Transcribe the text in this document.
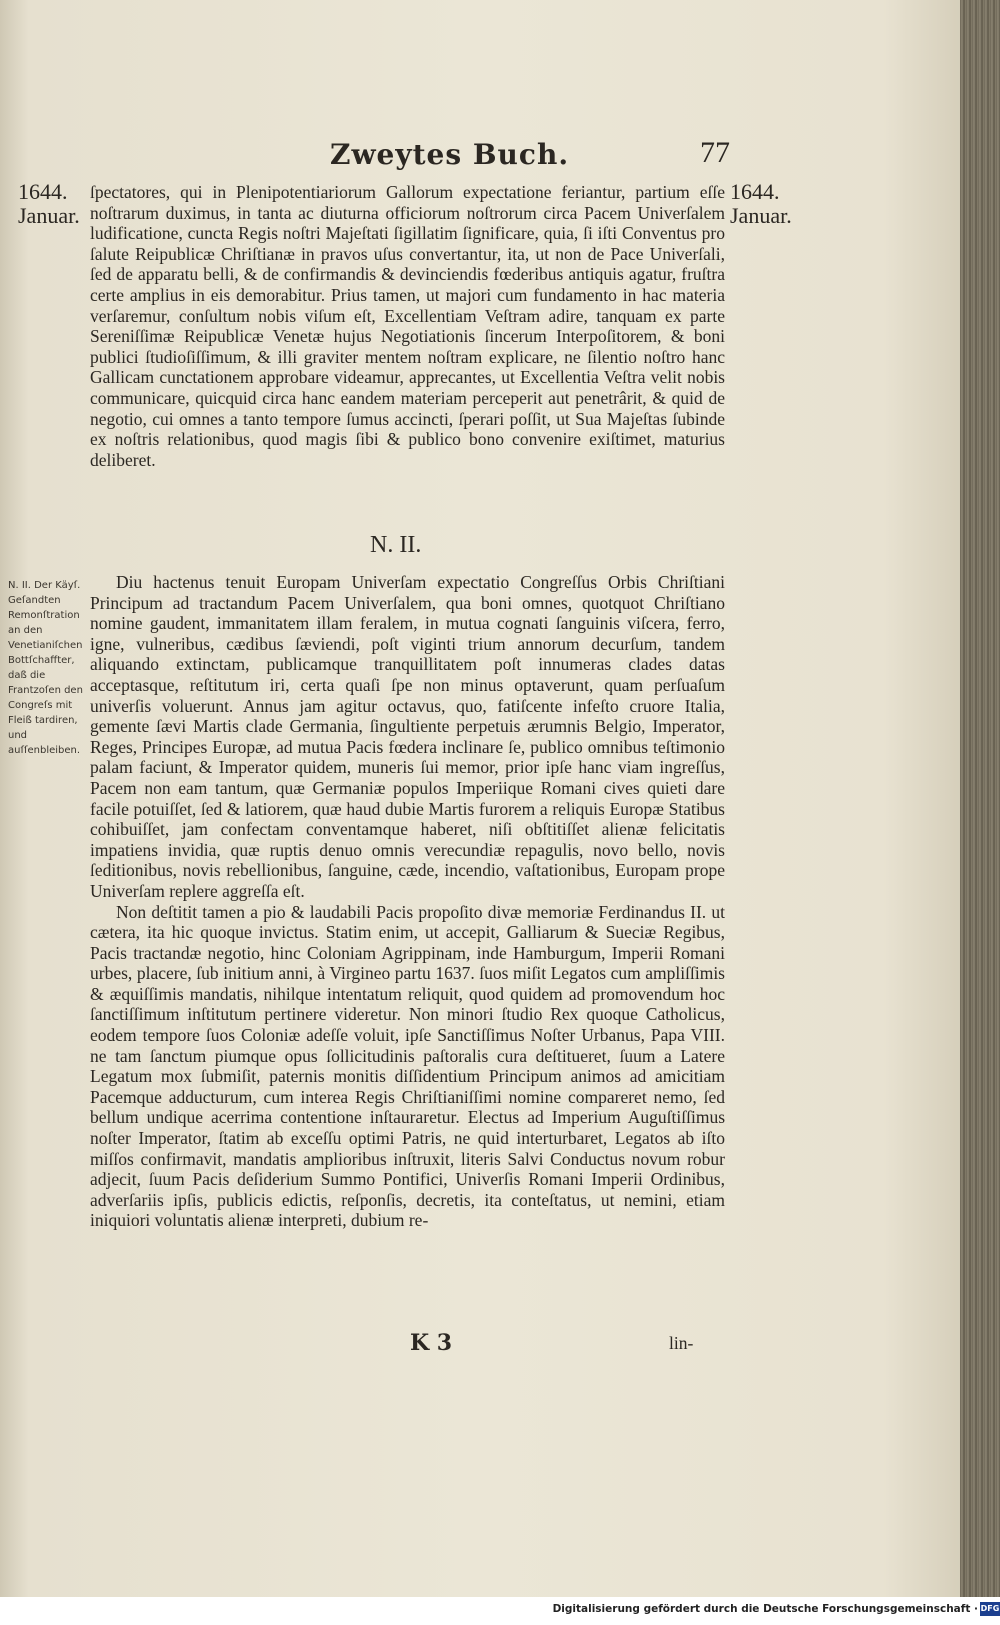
Zweytes Buch.	77
1644.
Januar.
1644.
Januar.
ſpectatores, qui in Plenipotentiariorum Gallorum expectatione feriantur, partium eſſe noſtrarum duximus, in tanta ac diuturna officiorum noſtrorum circa Pacem Univerſalem ludificatione, cuncta Regis noſtri Majeſtati ſigillatim ſignificare, quia, ſi iſti Conventus pro ſalute Reipublicæ Chriſtianæ in pravos uſus convertantur, ita, ut non de Pace Univerſali, ſed de apparatu belli, & de confirmandis & devinciendis fœderibus antiquis agatur, fruſtra certe amplius in eis demorabitur. Prius tamen, ut majori cum fundamento in hac materia verſaremur, conſultum nobis viſum eſt, Excellentiam Veſtram adire, tanquam ex parte Sereniſſimæ Reipublicæ Venetæ hujus Negotiationis ſincerum Interpoſitorem, & boni publici ſtudioſiſſimum, & illi graviter mentem noſtram explicare, ne ſilentio noſtro hanc Gallicam cunctationem approbare videamur, apprecantes, ut Excellentia Veſtra velit nobis communicare, quicquid circa hanc eandem materiam perceperit aut penetrârit, & quid de negotio, cui omnes a tanto tempore ſumus accincti, ſperari poſſit, ut Sua Majeſtas ſubinde ex noſtris relationibus, quod magis ſibi & publico bono convenire exiſtimet, maturius deliberet.
N. II.
N. II. Der Käyſ. Geſandten Remonſtration an den Venetianiſchen Bottſchaffter, daß die Frantzoſen den Congreſs mit Fleiß tardiren, und auſſenbleiben.

Diu hactenus tenuit Europam Univerſam expectatio Congreſſus Orbis Chriſtiani Principum ad tractandum Pacem Univerſalem, qua boni omnes, quotquot Chriſtiano nomine gaudent, immanitatem illam feralem, in mutua cognati ſanguinis viſcera, ferro, igne, vulneribus, cædibus ſæviendi, poſt viginti trium annorum decurſum, tandem aliquando extinctam, publicamque tranquillitatem poſt innumeras clades datas acceptasque, reſtitutum iri, certa quaſi ſpe non minus optaverunt, quam perſuaſum univerſis voluerunt. Annus jam agitur octavus, quo, fatiſcente infeſto cruore Italia, gemente ſævi Martis clade Germania, ſingultiente perpetuis ærumnis Belgio, Imperator, Reges, Principes Europæ, ad mutua Pacis fœdera inclinare ſe, publico omnibus teſtimonio palam faciunt, & Imperator quidem, muneris ſui memor, prior ipſe hanc viam ingreſſus, Pacem non eam tantum, quæ Germaniæ populos Imperiique Romani cives quieti dare facile potuiſſet, ſed & latiorem, quæ haud dubie Martis furorem a reliquis Europæ Statibus cohibuiſſet, jam confectam conventamque haberet, niſi obſtitiſſet alienæ felicitatis impatiens invidia, quæ ruptis denuo omnis verecundiæ repagulis, novo bello, novis ſeditionibus, novis rebellionibus, ſanguine, cæde, incendio, vaſtationibus, Europam prope Univerſam replere aggreſſa eſt.

Non deſtitit tamen a pio & laudabili Pacis propoſito divæ memoriæ Ferdinandus II. ut cætera, ita hic quoque invictus. Statim enim, ut accepit, Galliarum & Sueciæ Regibus, Pacis tractandæ negotio, hinc Coloniam Agrippinam, inde Hamburgum, Imperii Romani urbes, placere, ſub initium anni, à Virgineo partu 1637. ſuos miſit Legatos cum ampliſſimis & æquiſſimis mandatis, nihilque intentatum reliquit, quod quidem ad promovendum hoc ſanctiſſimum inſtitutum pertinere videretur. Non minori ſtudio Rex quoque Catholicus, eodem tempore ſuos Coloniæ adeſſe voluit, ipſe Sanctiſſimus Noſter Urbanus, Papa VIII. ne tam ſanctum piumque opus ſollicitudinis paſtoralis cura deſtitueret, ſuum a Latere Legatum mox ſubmiſit, paternis monitis diſſidentium Principum animos ad amicitiam Pacemque adducturum, cum interea Regis Chriſtianiſſimi nomine compareret nemo, ſed bellum undique acerrima contentione inſtauraretur. Electus ad Imperium Auguſtiſſimus noſter Imperator, ſtatim ab exceſſu optimi Patris, ne quid interturbaret, Legatos ab iſto miſſos confirmavit, mandatis amplioribus inſtruxit, literis Salvi Conductus novum robur adjecit, ſuum Pacis deſiderium Summo Pontifici, Univerſis Romani Imperii Ordinibus, adverſariis ipſis, publicis edictis, reſponſis, decretis, ita conteſtatus, ut nemini, etiam iniquiori voluntatis alienæ interpreti, dubium re-

K 3	lin-
Digitalisierung gefördert durch die Deutsche Forschungsgemeinschaft · DFG
